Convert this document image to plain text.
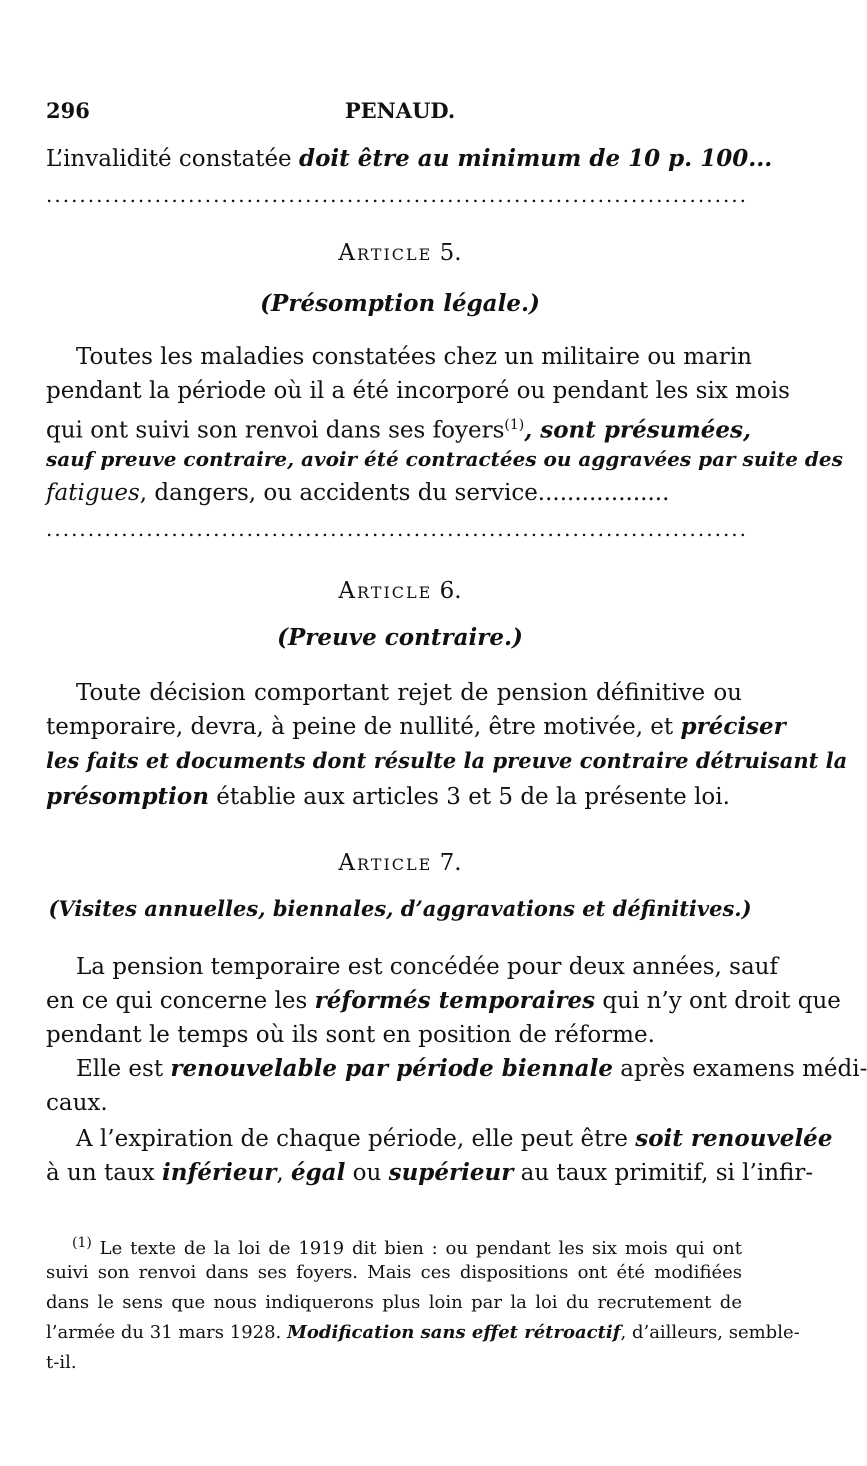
296	PENAUD.
L’invalidité constatée doit être au minimum de 10 p. 100...
....................................................................................
Article 5.
(Présomption légale.)
Toutes les maladies constatées chez un militaire ou marin
pendant la période où il a été incorporé ou pendant les six mois
qui ont suivi son renvoi dans ses foyers$^{(1)}$, sont présumées,
sauf preuve contraire, avoir été contractées ou aggravées par suite des
fatigues, dangers, ou accidents du service..................
....................................................................................
Article 6.
(Preuve contraire.)
Toute décision comportant rejet de pension définitive ou
temporaire, devra, à peine de nullité, être motivée, et préciser
les faits et documents dont résulte la preuve contraire détruisant la
présomption établie aux articles 3 et 5 de la présente loi.
Article 7.
(Visites annuelles, biennales, d’aggravations et définitives.)
La pension temporaire est concédée pour deux années, sauf
en ce qui concerne les réformés temporaires qui n’y ont droit que
pendant le temps où ils sont en position de réforme.
Elle est renouvelable par période biennale après examens médi-
caux.
A l’expiration de chaque période, elle peut être soit renouvelée
à un taux inférieur, égal ou supérieur au taux primitif, si l’infir-
$^{(1)}$ Le texte de la loi de 1919 dit bien : ou pendant les six mois qui ont
suivi son renvoi dans ses foyers. Mais ces dispositions ont été modifiées
dans le sens que nous indiquerons plus loin par la loi du recrutement de
l’armée du 31 mars 1928. Modification sans effet rétroactif, d’ailleurs, semble-
t-il.
